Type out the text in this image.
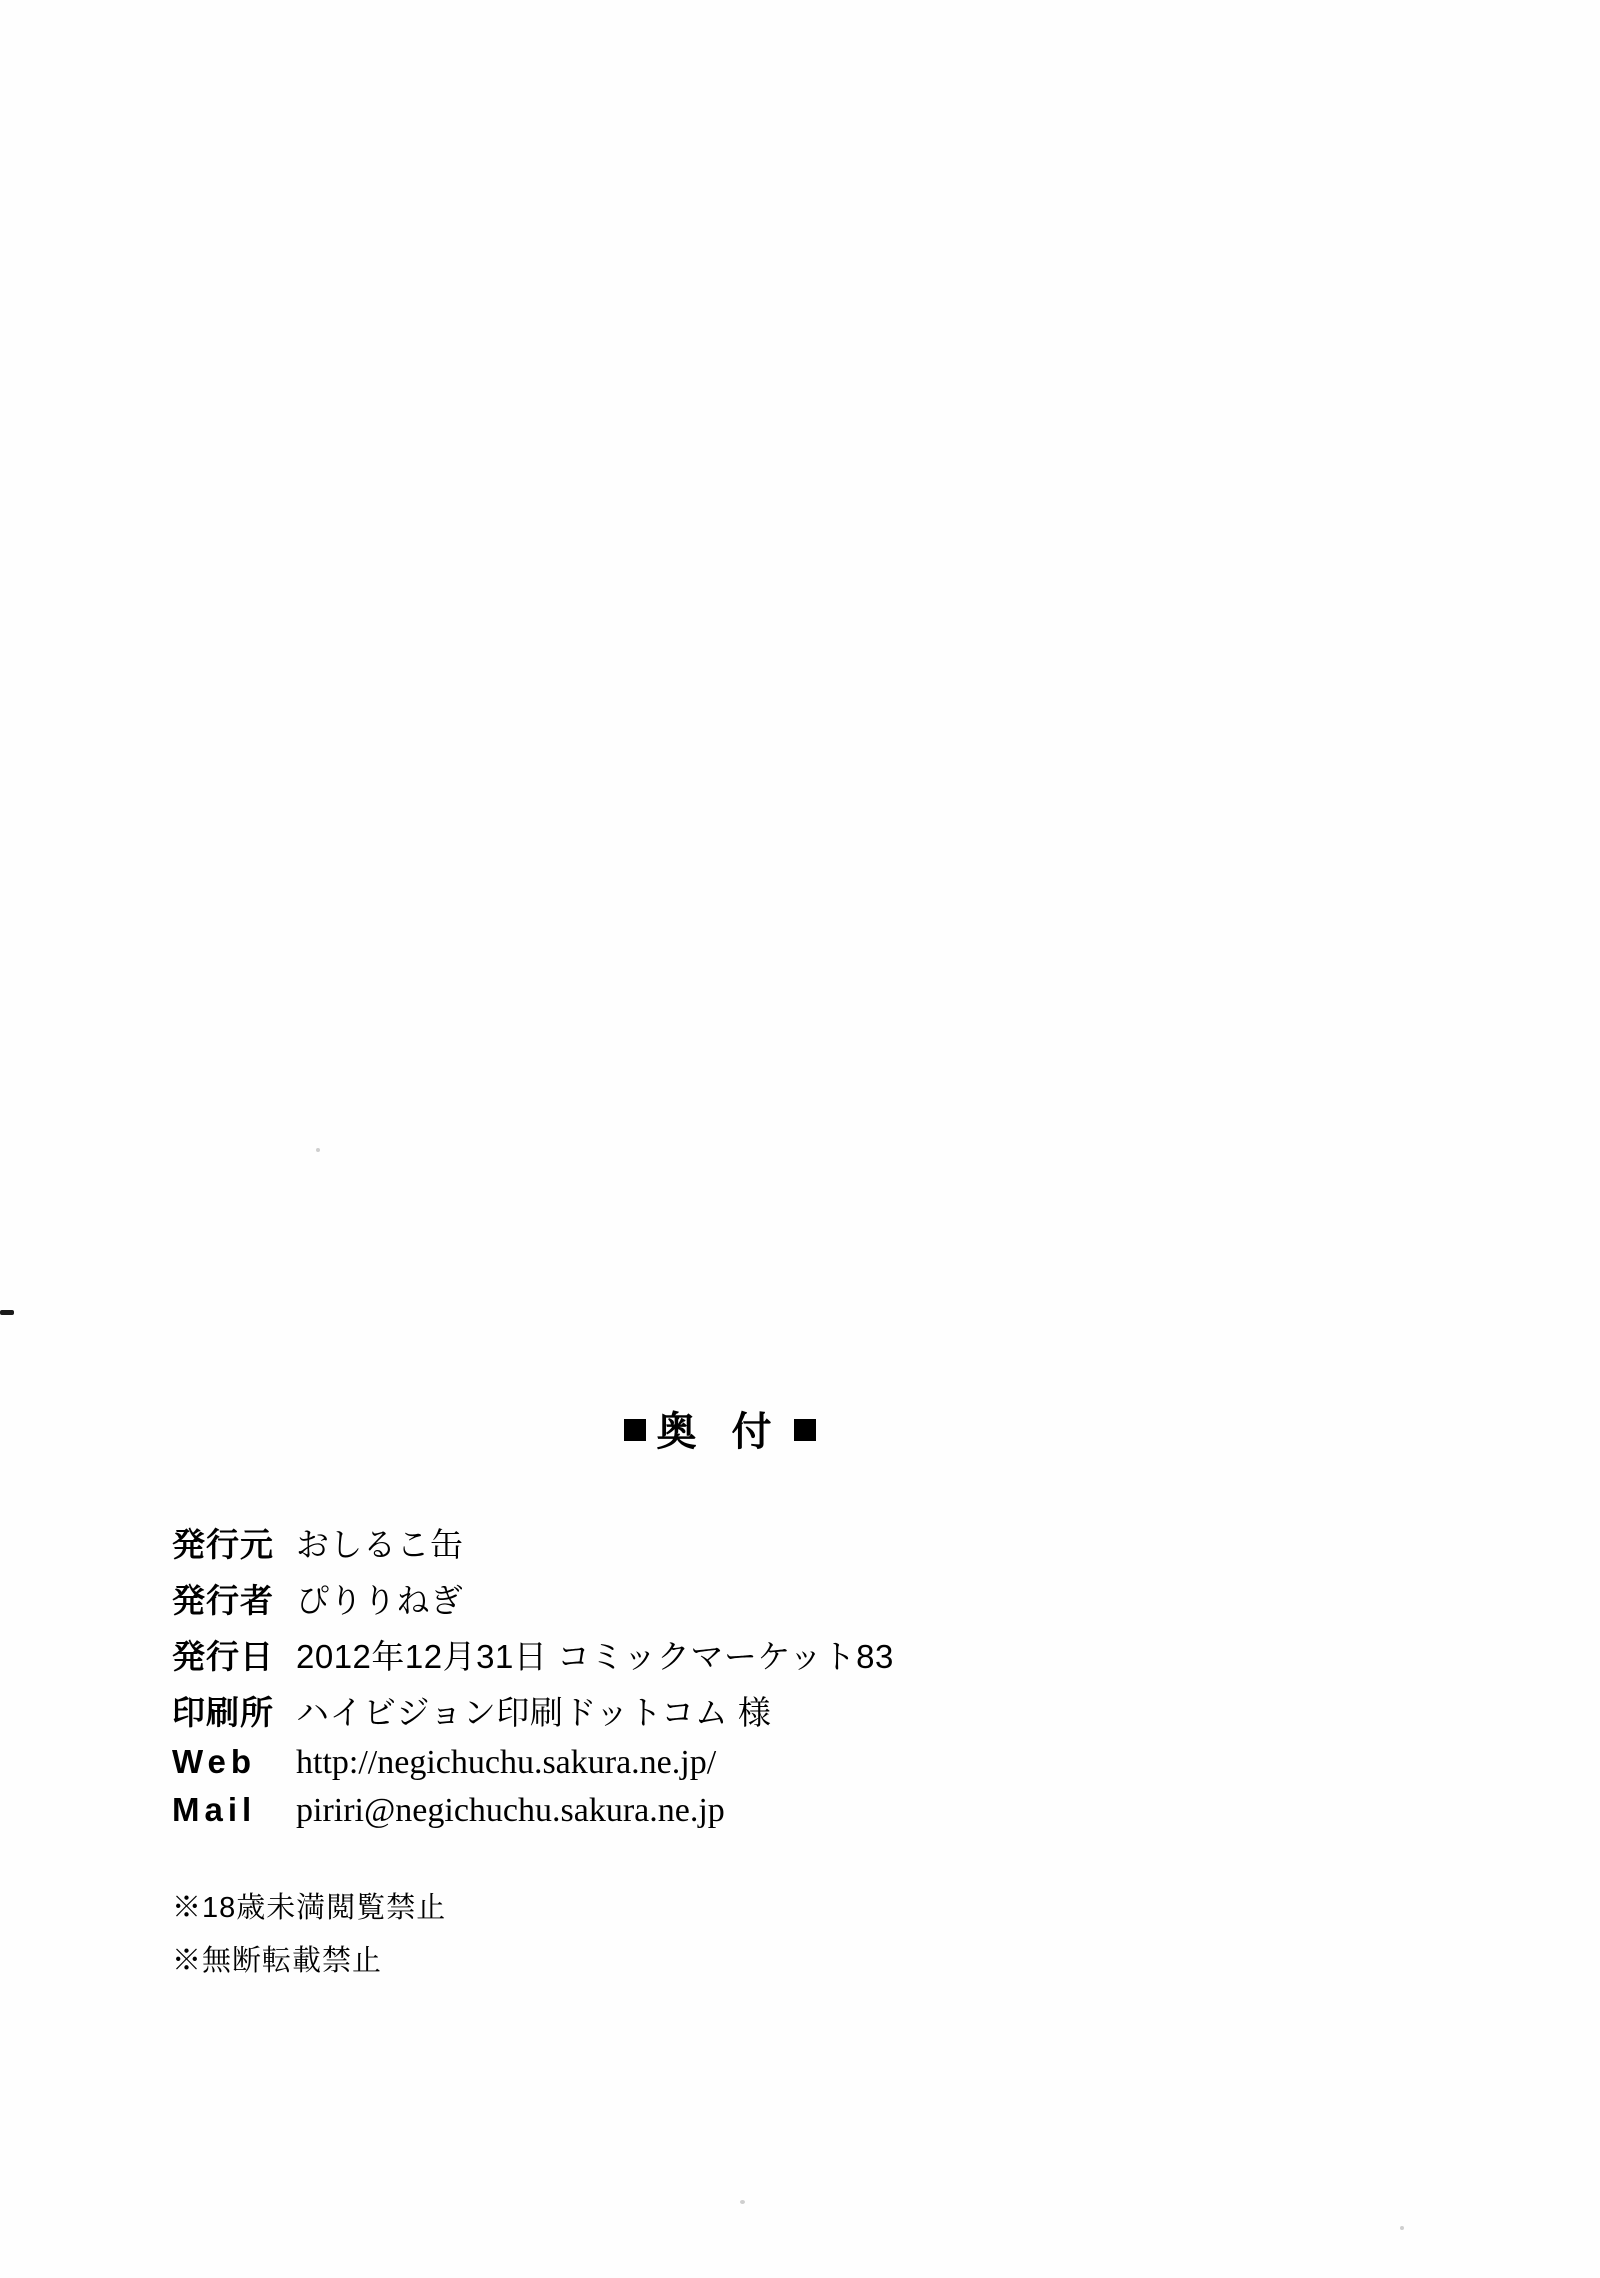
奥 付
発行元	おしるこ缶
発行者	ぴりりねぎ
発行日	2012年12月31日 コミックマーケット83
印刷所	ハイビジョン印刷ドットコム 様
Web	http://negichuchu.sakura.ne.jp/
Mail	piriri@negichuchu.sakura.ne.jp
※18歳未満閲覧禁止
※無断転載禁止
